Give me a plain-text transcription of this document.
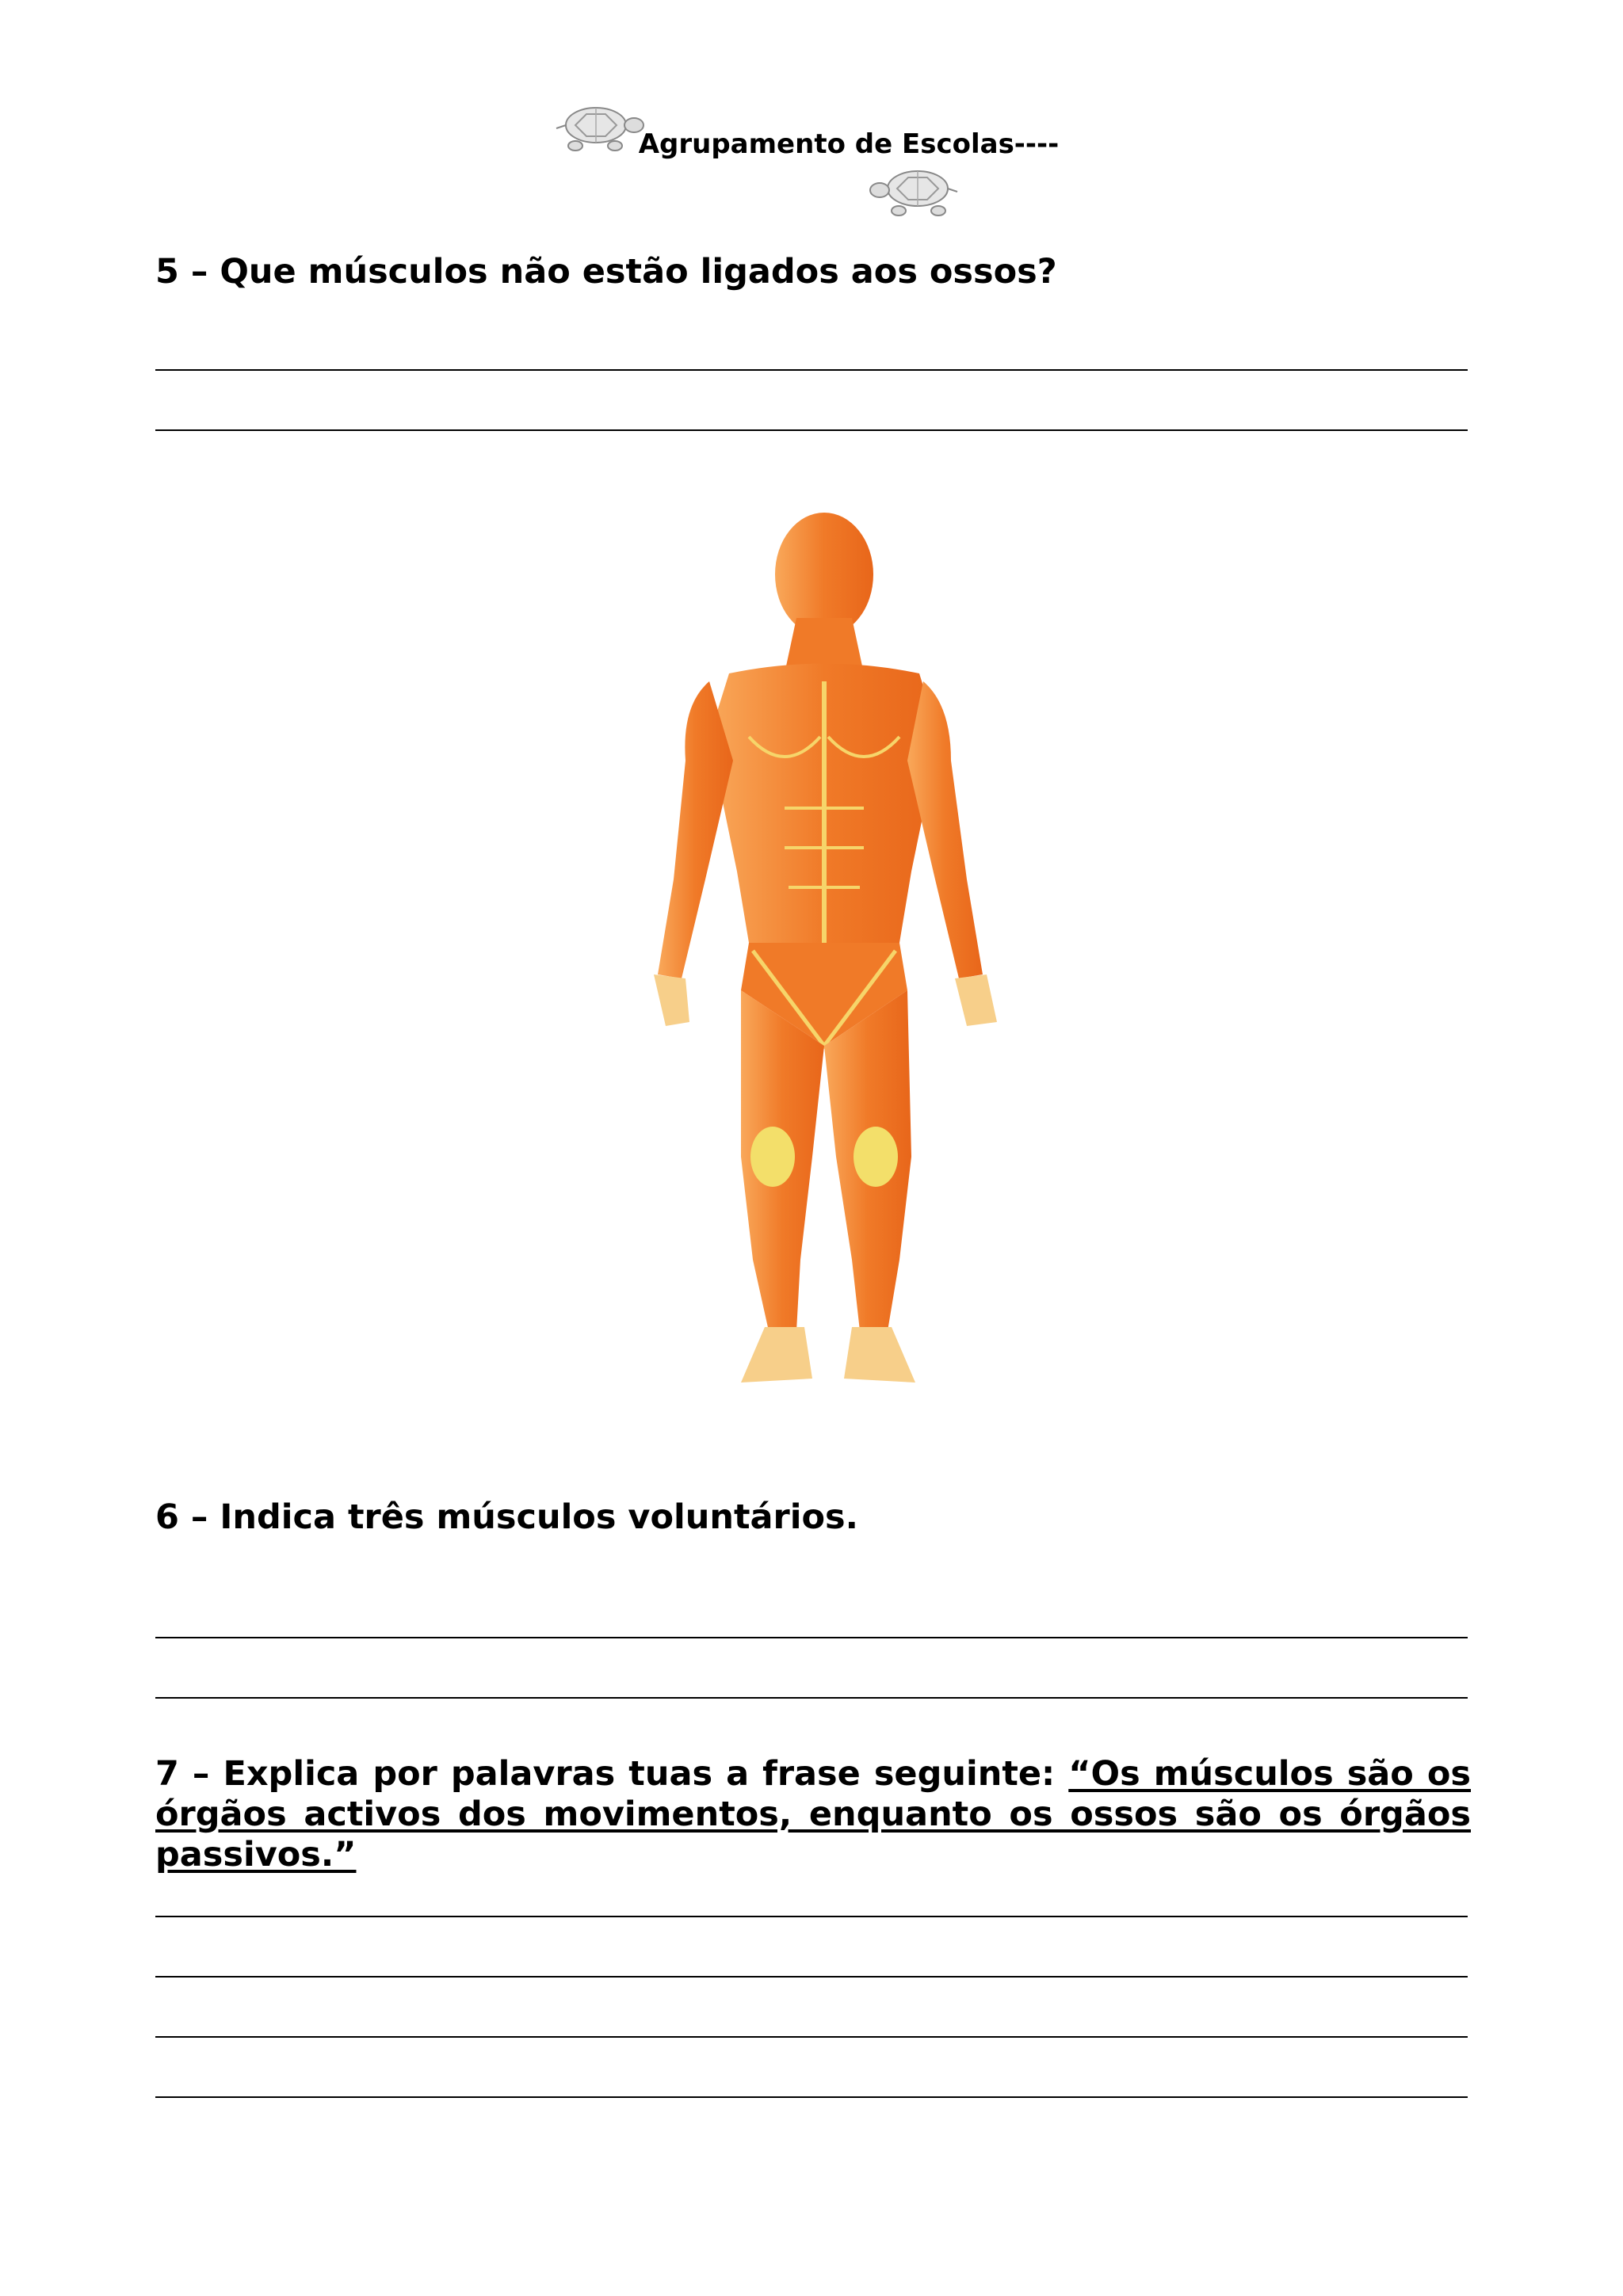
Agrupamento de Escolas----
5 – Que músculos não estão ligados aos ossos?
6 – Indica três músculos voluntários.
7 – Explica por palavras tuas a frase seguinte: “Os músculos são os órgãos activos dos movimentos, enquanto os ossos são os órgãos passivos.”
